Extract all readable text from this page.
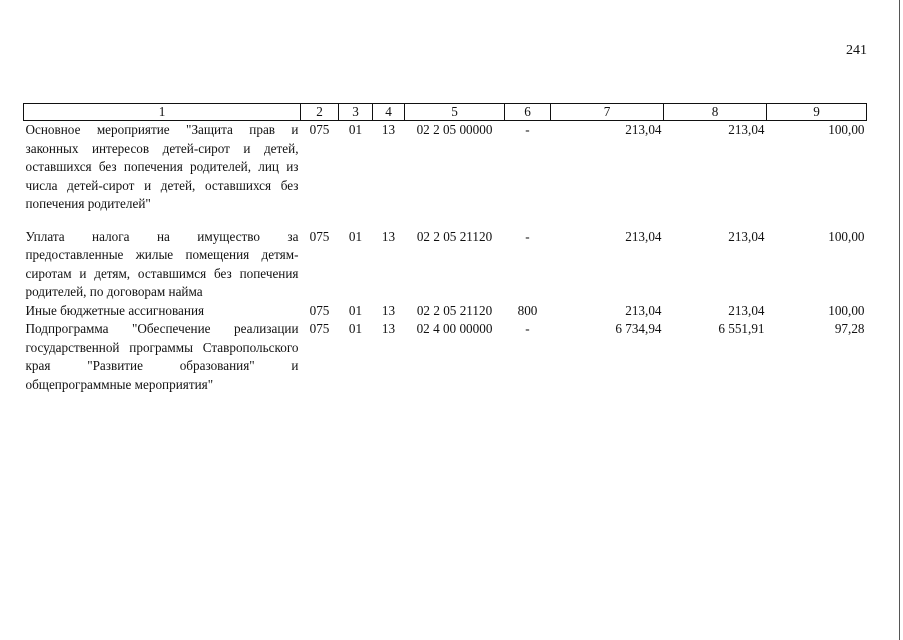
241
1	2	3	4	5	6	7	8	9
Основное мероприятие "Защита прав и законных интересов детей-сирот и детей, оставшихся без попечения родителей, лиц из числа детей-сирот и детей, оставшихся без попечения родителей"	075	01	13	02 2 05 00000	-	213,04	213,04	100,00

Уплата налога на имущество за предоставленные жилые помещения детям-сиротам и детям, оставшимся без попечения родителей, по договорам найма	075	01	13	02 2 05 21120	-	213,04	213,04	100,00
Иные бюджетные ассигнования	075	01	13	02 2 05 21120	800	213,04	213,04	100,00
Подпрограмма "Обеспечение реализации государственной программы Ставропольского края "Развитие образования" и общепрограммные мероприятия"	075	01	13	02 4 00 00000	-	6 734,94	6 551,91	97,28
